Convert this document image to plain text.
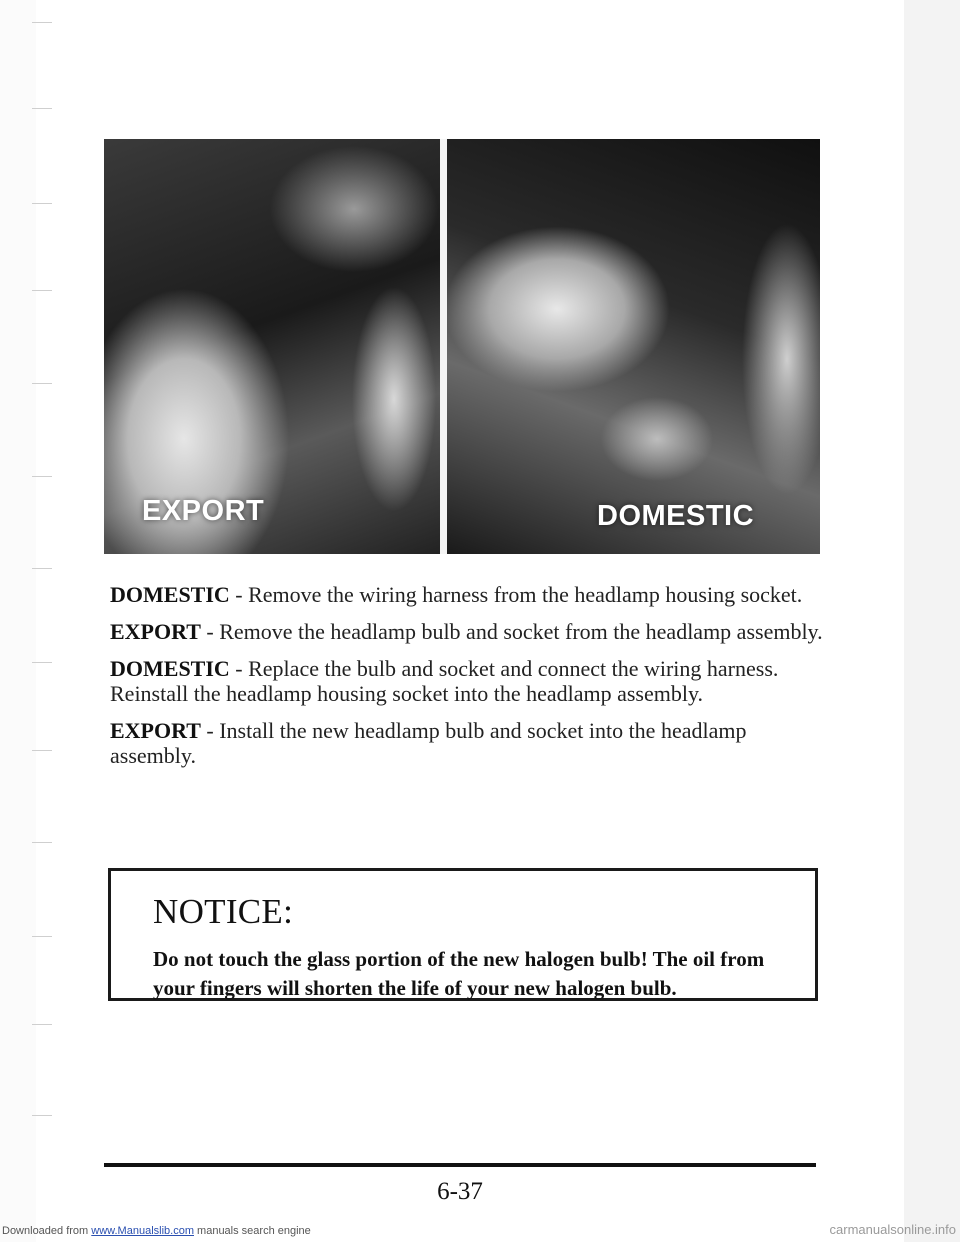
EXPORT	DOMESTIC

DOMESTIC - Remove the wiring harness from the headlamp housing socket.

EXPORT - Remove the headlamp bulb and socket from the headlamp assembly.

DOMESTIC - Replace the bulb and socket and connect the wiring harness. Reinstall the headlamp housing socket into the headlamp assembly.

EXPORT - Install the new headlamp bulb and socket into the headlamp assembly.

NOTICE:
Do not touch the glass portion of the new halogen bulb! The oil from your fingers will shorten the life of your new halogen bulb.
6-37
Downloaded from www.Manualslib.com manuals search engine	carmanualsonline.info
